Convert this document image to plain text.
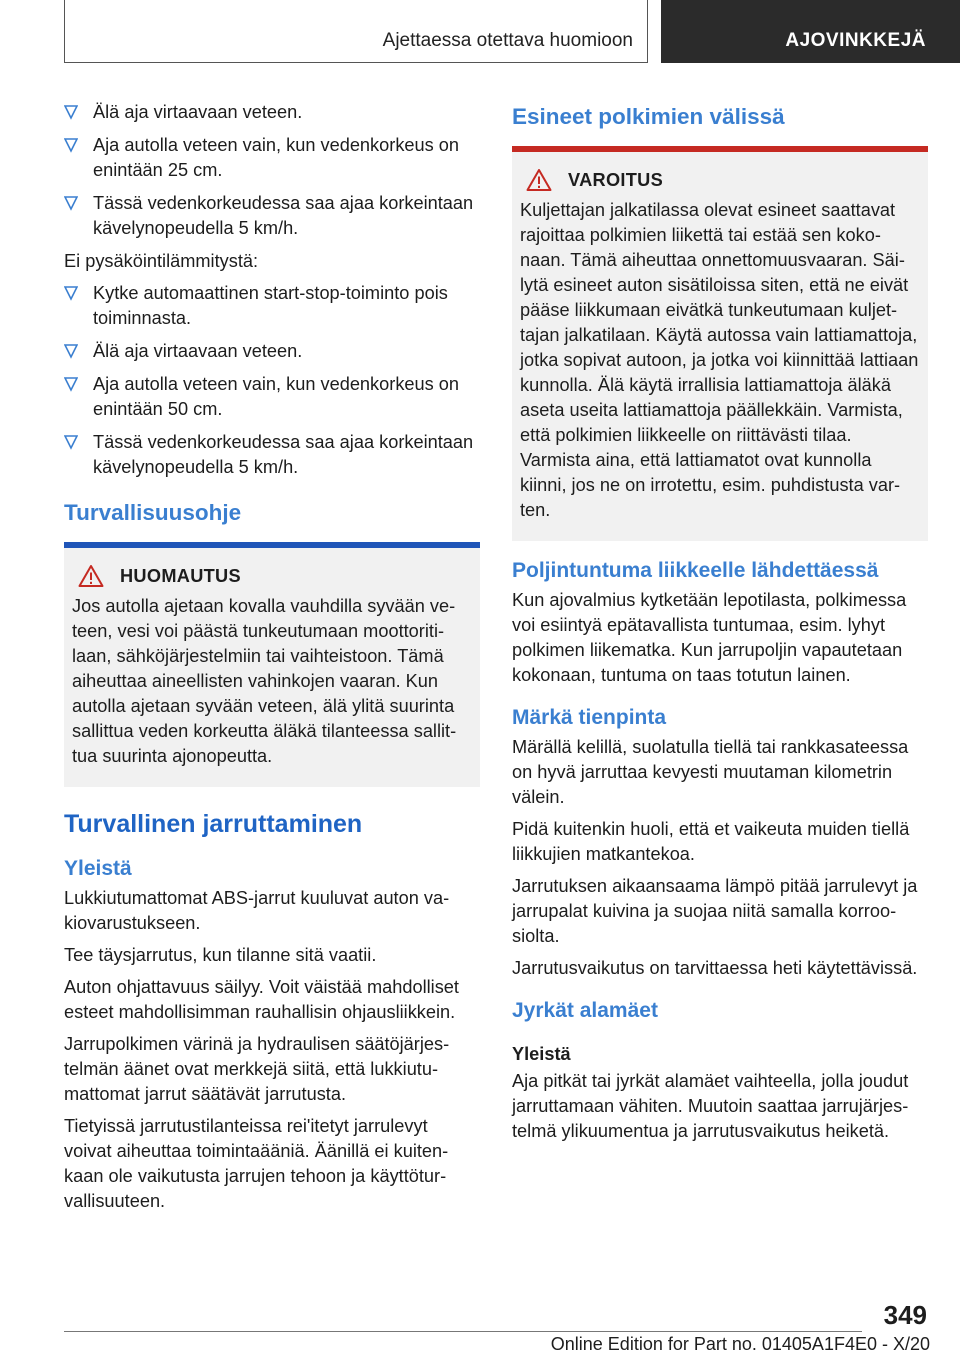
Ajettaessa otettava huomioon	AJOVINKKEJÄ
Älä aja virtaavaan veteen.
Aja autolla veteen vain, kun vedenkorkeus on enintään 25 cm.
Tässä vedenkorkeudessa saa ajaa korkeintaan kävelynopeudella 5 km/h.

Ei pysäköintilämmitystä:

Kytke automaattinen start-stop-toiminto pois toiminnasta.
Älä aja virtaavaan veteen.
Aja autolla veteen vain, kun vedenkorkeus on enintään 50 cm.
Tässä vedenkorkeudessa saa ajaa korkeintaan kävelynopeudella 5 km/h.
Turvallisuusohje
HUOMAUTUS

Jos autolla ajetaan kovalla vauhdilla syvään veteen, vesi voi päästä tunkeutumaan moottoritilaan, sähköjärjestelmiin tai vaihteistoon. Tämä aiheuttaa aineellisten vahinkojen vaaran. Kun autolla ajetaan syvään veteen, älä ylitä suurinta sallittua veden korkeutta äläkä tilanteessa sallittua suurinta ajonopeutta.

Turvallinen jarruttaminen
Yleistä

Lukkiutumattomat ABS-jarrut kuuluvat auton vakiovarustukseen.

Tee täysjarrutus, kun tilanne sitä vaatii.

Auton ohjattavuus säilyy. Voit väistää mahdolliset esteet mahdollisimman rauhallisin ohjausliikkein.

Jarrupolkimen värinä ja hydraulisen säätöjärjestelmän äänet ovat merkkejä siitä, että lukkiutumattomat jarrut säätävät jarrutusta.

Tietyissä jarrutustilanteissa rei'itetyt jarrulevyt voivat aiheuttaa toimintaääniä. Äänillä ei kuitenkaan ole vaikutusta jarrujen tehoon ja käyttöturvallisuuteen.

Esineet polkimien välissä
VAROITUS

Kuljettajan jalkatilassa olevat esineet saattavat rajoittaa polkimien liikettä tai estää sen kokonaan. Tämä aiheuttaa onnettomuusvaaran. Säilytä esineet auton sisätiloissa siten, että ne eivät pääse liikkumaan eivätkä tunkeutumaan kuljettajan jalkatilaan. Käytä autossa vain lattiamattoja, jotka sopivat autoon, ja jotka voi kiinnittää lattiaan kunnolla. Älä käytä irrallisia lattiamattoja äläkä aseta useita lattiamattoja päällekkäin. Varmista, että polkimien liikkeelle on riittävästi tilaa. Varmista aina, että lattiamatot ovat kunnolla kiinni, jos ne on irrotettu, esim. puhdistusta varten.

Poljintuntuma liikkeelle lähdettäessä

Kun ajovalmius kytketään lepotilasta, polkimessa voi esiintyä epätavallista tuntumaa, esim. lyhyt polkimen liikematka. Kun jarrupoljin vapautetaan kokonaan, tuntuma on taas totutun lainen.

Märkä tienpinta

Märällä kelillä, suolatulla tiellä tai rankkasateessa on hyvä jarruttaa kevyesti muutaman kilometrin välein.

Pidä kuitenkin huoli, että et vaikeuta muiden tiellä liikkujien matkantekoa.

Jarrutuksen aikaansaama lämpö pitää jarrulevyt ja jarrupalat kuivina ja suojaa niitä samalla korroosiolta.

Jarrutusvaikutus on tarvittaessa heti käytettävissä.

Jyrkät alamäet
Yleistä

Aja pitkät tai jyrkät alamäet vaihteella, jolla joudut jarruttamaan vähiten. Muutoin saattaa jarrujärjestelmä ylikuumentua ja jarrutusvaikutus heiketä.

349
Online Edition for Part no. 01405A1F4E0 - X/20
